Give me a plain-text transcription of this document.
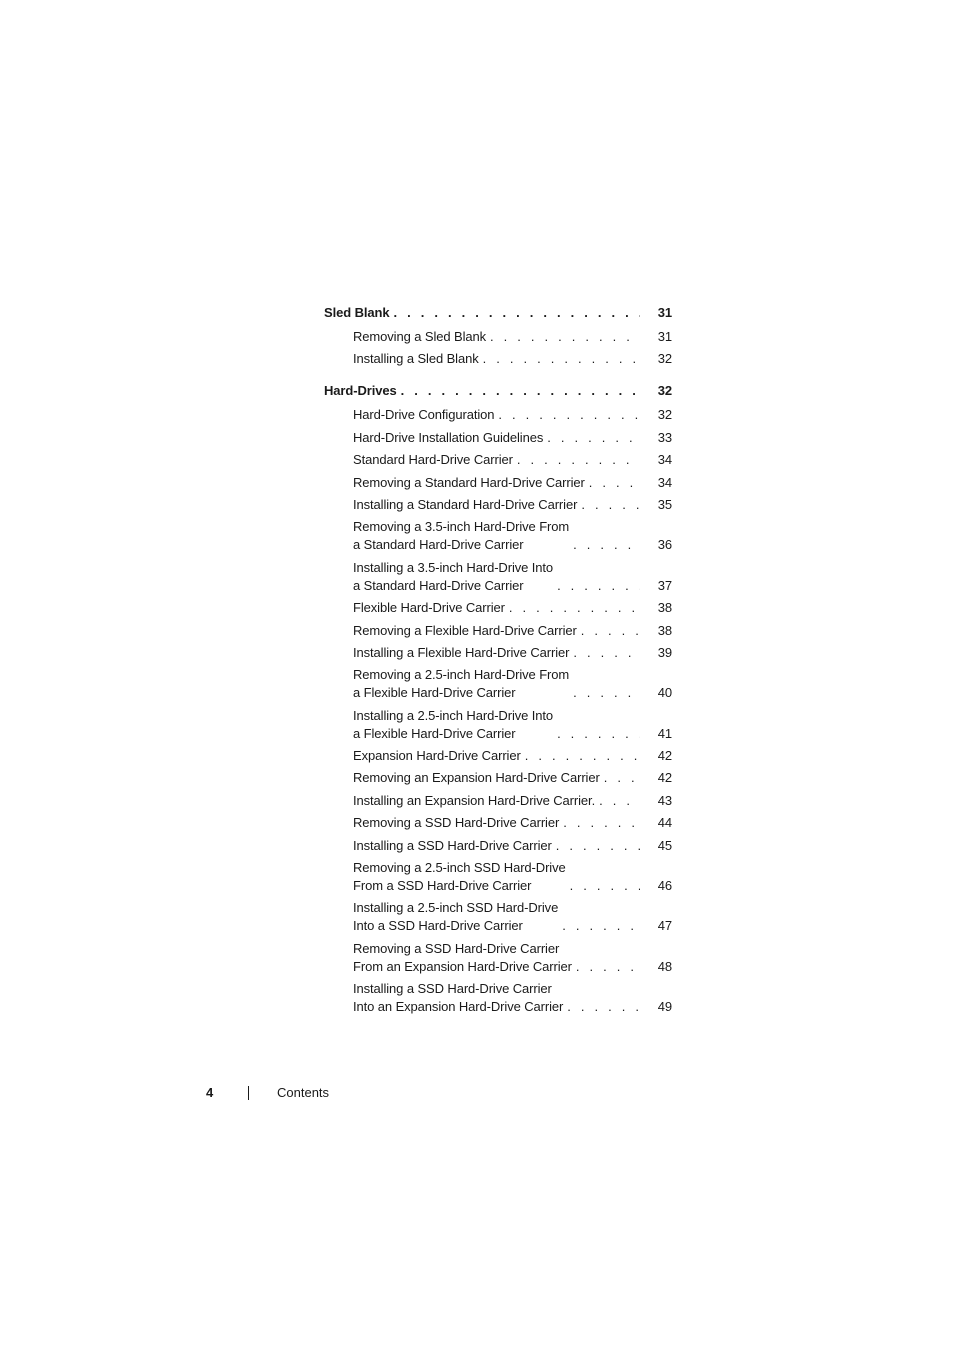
Sled Blank . . .	31
Removing a Sled Blank . . .	31
Installing a Sled Blank . . .	32
Hard-Drives . . .	32
Hard-Drive Configuration . . .	32
Hard-Drive Installation Guidelines . . .	33
Standard Hard-Drive Carrier . . .	34
Removing a Standard Hard-Drive Carrier . . .	34
Installing a Standard Hard-Drive Carrier . . .	35
Removing a 3.5-inch Hard-Drive From
a Standard Hard-Drive Carrier . . .	36
Installing a 3.5-inch Hard-Drive Into
a Standard Hard-Drive Carrier . . .	37
Flexible Hard-Drive Carrier . . .	38
Removing a Flexible Hard-Drive Carrier . . .	38
Installing a Flexible Hard-Drive Carrier . . .	39
Removing a 2.5-inch Hard-Drive From
a Flexible Hard-Drive Carrier . . .	40
Installing a 2.5-inch Hard-Drive Into
a Flexible Hard-Drive Carrier . . .	41
Expansion Hard-Drive Carrier . . .	42
Removing an Expansion Hard-Drive Carrier . . .	42
Installing an Expansion Hard-Drive Carrier. . . .	43
Removing a SSD Hard-Drive Carrier . . .	44
Installing a SSD Hard-Drive Carrier . . .	45
Removing a 2.5-inch SSD Hard-Drive
From a SSD Hard-Drive Carrier . . .	46
Installing a 2.5-inch SSD Hard-Drive
Into a SSD Hard-Drive Carrier . . .	47
Removing a SSD Hard-Drive Carrier
From an Expansion Hard-Drive Carrier . . .	48
Installing a SSD Hard-Drive Carrier
Into an Expansion Hard-Drive Carrier . . .	49
4	Contents
